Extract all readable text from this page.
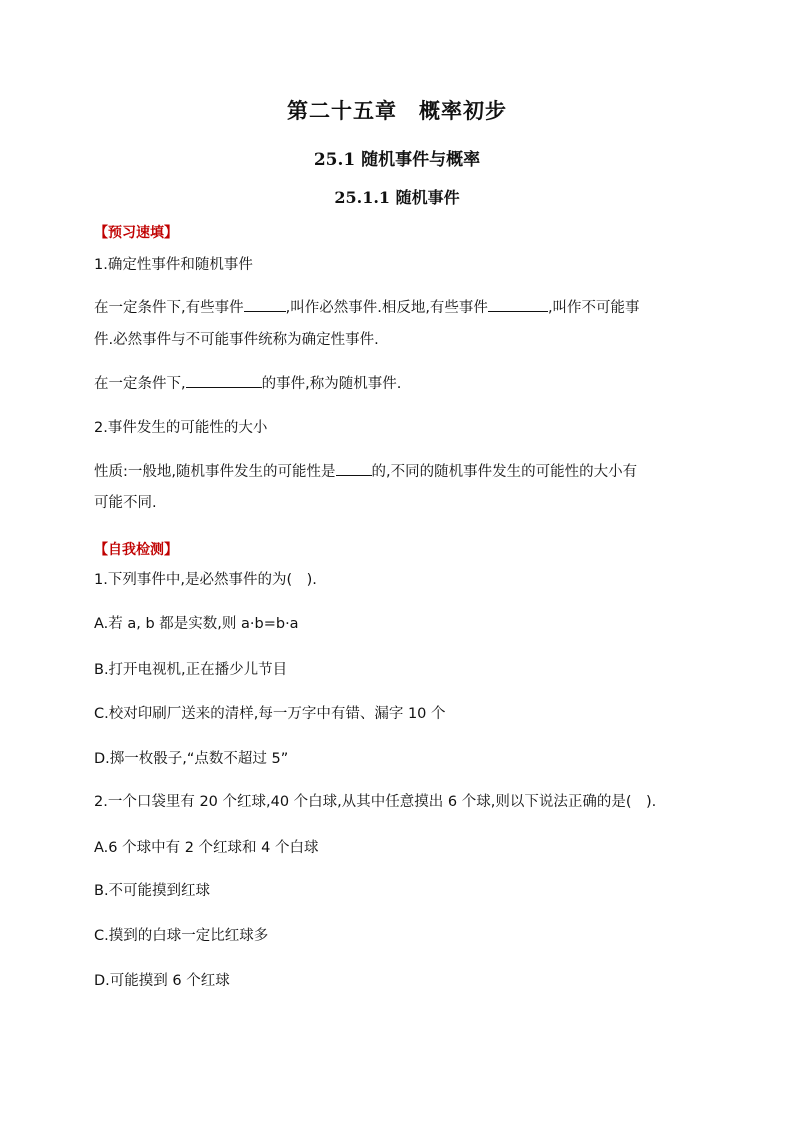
第二十五章　概率初步
25.1 随机事件与概率
25.1.1 随机事件
【预习速填】
1.确定性事件和随机事件
在一定条件下,有些事件	,叫作必然事件.相反地,有些事件	,叫作不可能事
件.必然事件与不可能事件统称为确定性事件.
在一定条件下,	的事件,称为随机事件.
2.事件发生的可能性的大小
性质:一般地,随机事件发生的可能性是 的,不同的随机事件发生的可能性的大小有
可能不同.
【自我检测】
1.下列事件中,是必然事件的为(　).
A.若 a, b 都是实数,则 a·b=b·a
B.打开电视机,正在播少儿节目
C.校对印刷厂送来的清样,每一万字中有错、漏字 10 个
D.掷一枚骰子,“点数不超过 5”
2.一个口袋里有 20 个红球,40 个白球,从其中任意摸出 6 个球,则以下说法正确的是(　).
A.6 个球中有 2 个红球和 4 个白球
B.不可能摸到红球
C.摸到的白球一定比红球多
D.可能摸到 6 个红球
